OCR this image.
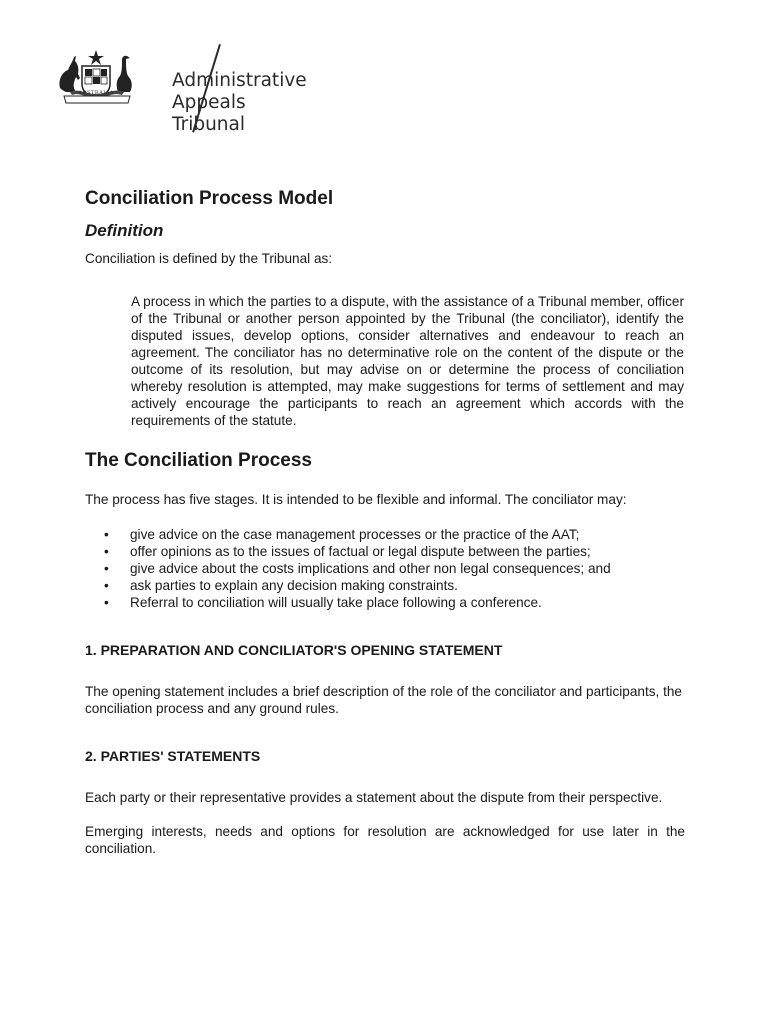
AUSTRALIA
Administrative
Appeals Tribunal
Conciliation Process Model
Definition

Conciliation is defined by the Tribunal as:

A process in which the parties to a dispute, with the assistance of a Tribunal member, officer of the Tribunal or another person appointed by the Tribunal (the conciliator), identify the disputed issues, develop options, consider alternatives and endeavour to reach an agreement. The conciliator has no determinative role on the content of the dispute or the outcome of its resolution, but may advise on or determine the process of conciliation whereby resolution is attempted, may make suggestions for terms of settlement and may actively encourage the participants to reach an agreement which accords with the requirements of the statute.

The Conciliation Process

The process has five stages. It is intended to be flexible and informal. The conciliator may:

• give advice on the case management processes or the practice of the AAT;
• offer opinions as to the issues of factual or legal dispute between the parties;
• give advice about the costs implications and other non legal consequences; and
• ask parties to explain any decision making constraints.
• Referral to conciliation will usually take place following a conference.
1. PREPARATION AND CONCILIATOR'S OPENING STATEMENT

The opening statement includes a brief description of the role of the conciliator and participants, the conciliation process and any ground rules.

2. PARTIES' STATEMENTS

Each party or their representative provides a statement about the dispute from their perspective.

Emerging interests, needs and options for resolution are acknowledged for use later in the conciliation.
